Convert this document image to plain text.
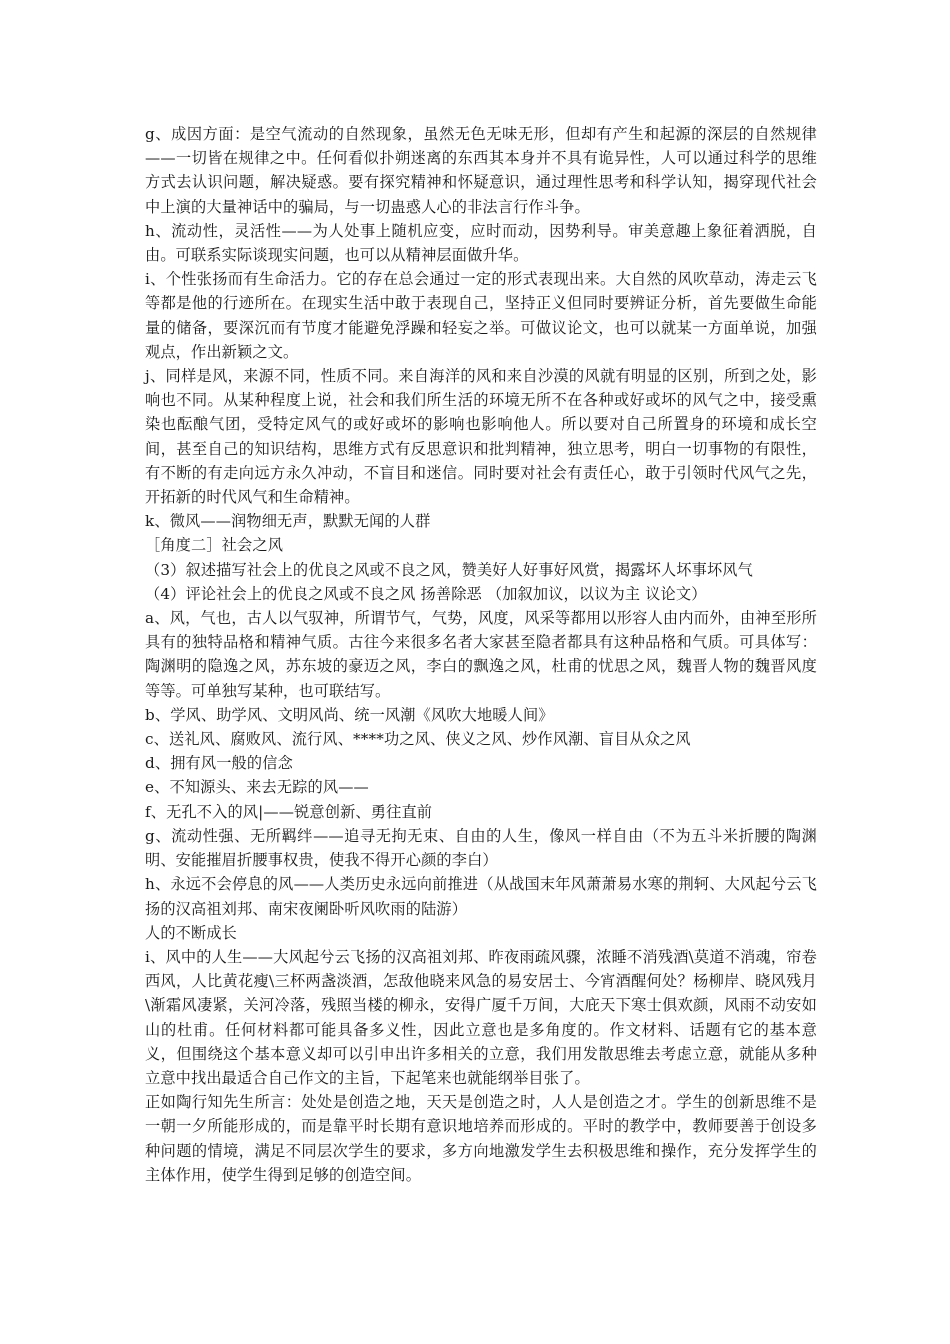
g、成因方面：是空气流动的自然现象，虽然无色无味无形，但却有产生和起源的深层的自然规律——一切皆在规律之中。任何看似扑朔迷离的东西其本身并不具有诡异性，人可以通过科学的思维方式去认识问题，解决疑惑。要有探究精神和怀疑意识，通过理性思考和科学认知，揭穿现代社会中上演的大量神话中的骗局，与一切蛊惑人心的非法言行作斗争。

h、流动性，灵活性——为人处事上随机应变，应时而动，因势利导。审美意趣上象征着洒脱，自由。可联系实际谈现实问题，也可以从精神层面做升华。

i、个性张扬而有生命活力。它的存在总会通过一定的形式表现出来。大自然的风吹草动，涛走云飞等都是他的行迹所在。在现实生活中敢于表现自己，坚持正义但同时要辨证分析，首先要做生命能量的储备，要深沉而有节度才能避免浮躁和轻妄之举。可做议论文，也可以就某一方面单说，加强观点，作出新颖之文。

j、同样是风，来源不同，性质不同。来自海洋的风和来自沙漠的风就有明显的区别，所到之处，影响也不同。从某种程度上说，社会和我们所生活的环境无所不在各种或好或坏的风气之中，接受熏染也酝酿气团，受特定风气的或好或坏的影响也影响他人。所以要对自己所置身的环境和成长空间，甚至自己的知识结构，思维方式有反思意识和批判精神，独立思考，明白一切事物的有限性，有不断的有走向远方永久冲动，不盲目和迷信。同时要对社会有责任心，敢于引领时代风气之先，开拓新的时代风气和生命精神。

k、微风——润物细无声，默默无闻的人群

［角度二］社会之风

（3）叙述描写社会上的优良之风或不良之风，赞美好人好事好风赏，揭露坏人坏事坏风气

（4）评论社会上的优良之风或不良之风 扬善除恶 （加叙加议，以议为主 议论文）

a、风，气也，古人以气驭神，所谓节气，气势，风度，风采等都用以形容人由内而外，由神至形所具有的独特品格和精神气质。古往今来很多名者大家甚至隐者都具有这种品格和气质。可具体写：陶渊明的隐逸之风，苏东坡的豪迈之风，李白的飘逸之风，杜甫的忧思之风，魏晋人物的魏晋风度等等。可单独写某种，也可联结写。

b、学风、助学风、文明风尚、统一风潮《风吹大地暖人间》

c、送礼风、腐败风、流行风、****功之风、侠义之风、炒作风潮、盲目从众之风

d、拥有风一般的信念

e、不知源头、来去无踪的风——

f、无孔不入的风|——锐意创新、勇往直前

g、流动性强、无所羁绊——追寻无拘无束、自由的人生，像风一样自由（不为五斗米折腰的陶渊明、安能摧眉折腰事权贵，使我不得开心颜的李白）

h、永远不会停息的风——人类历史永远向前推进（从战国末年风萧萧易水寒的荆轲、大风起兮云飞扬的汉高祖刘邦、南宋夜阑卧听风吹雨的陆游）

人的不断成长

i、风中的人生——大风起兮云飞扬的汉高祖刘邦、昨夜雨疏风骤，浓睡不消残酒\莫道不消魂，帘卷西风，人比黄花瘦\三杯两盏淡酒，怎敌他晓来风急的易安居士、今宵酒醒何处？杨柳岸、晓风残月\渐霜风凄紧，关河冷落，残照当楼的柳永，安得广厦千万间，大庇天下寒士俱欢颜，风雨不动安如山的杜甫。任何材料都可能具备多义性，因此立意也是多角度的。作文材料、话题有它的基本意义，但围绕这个基本意义却可以引申出许多相关的立意，我们用发散思维去考虑立意，就能从多种立意中找出最适合自己作文的主旨，下起笔来也就能纲举目张了。

正如陶行知先生所言：处处是创造之地，天天是创造之时，人人是创造之才。学生的创新思维不是一朝一夕所能形成的，而是靠平时长期有意识地培养而形成的。平时的教学中，教师要善于创设多种问题的情境，满足不同层次学生的要求，多方向地激发学生去积极思维和操作，充分发挥学生的主体作用，使学生得到足够的创造空间。
